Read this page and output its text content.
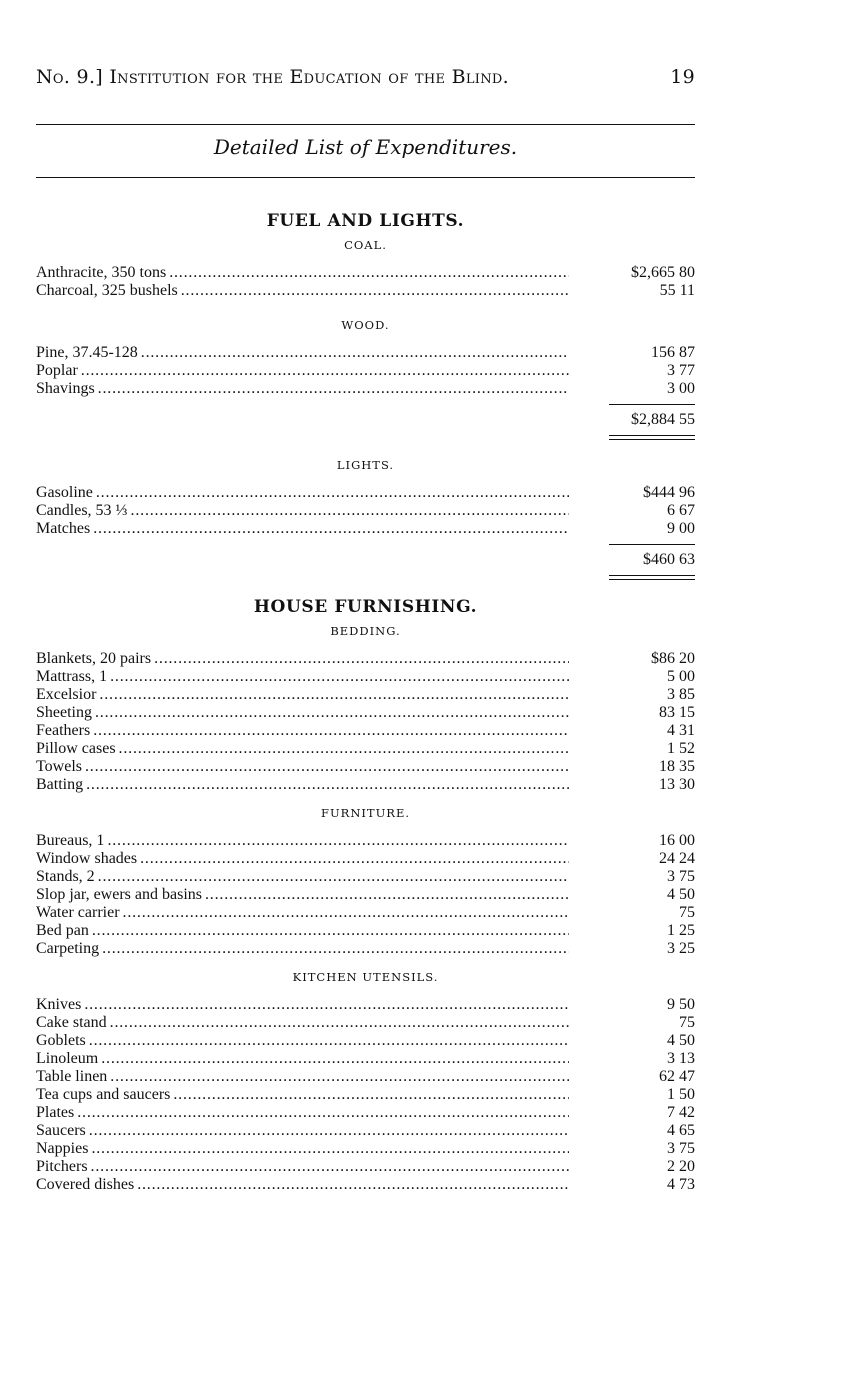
No. 9.] Institution for the Education of the Blind.	19
Detailed List of Expenditures.
FUEL AND LIGHTS.
COAL.
Anthracite, 350 tons . . .	$2,665 80
Charcoal, 325 bushels . . .	55 11
WOOD.
Pine, 37.45-128 . . .	156 87
Poplar . . .	3 77
Shavings . . .	3 00
$2,884 55
LIGHTS.
Gasoline . . .	$444 96
Candles, 53 ⅓ . . .	6 67
Matches . . .	9 00
$460 63
HOUSE FURNISHING.
BEDDING.
Blankets, 20 pairs . . .	$86 20
Mattrass, 1 . . .	5 00
Excelsior . . .	3 85
Sheeting . . .	83 15
Feathers . . .	4 31
Pillow cases . . .	1 52
Towels . . .	18 35
Batting . . .	13 30
FURNITURE.
Bureaus, 1 . . .	16 00
Window shades . . .	24 24
Stands, 2 . . .	3 75
Slop jar, ewers and basins . . .	4 50
Water carrier . . .	75
Bed pan . . .	1 25
Carpeting . . .	3 25
KITCHEN UTENSILS.
Knives . . .	9 50
Cake stand . . .	75
Goblets . . .	4 50
Linoleum . . .	3 13
Table linen . . .	62 47
Tea cups and saucers . . .	1 50
Plates . . .	7 42
Saucers . . .	4 65
Nappies . . .	3 75
Pitchers . . .	2 20
Covered dishes . . .	4 73
